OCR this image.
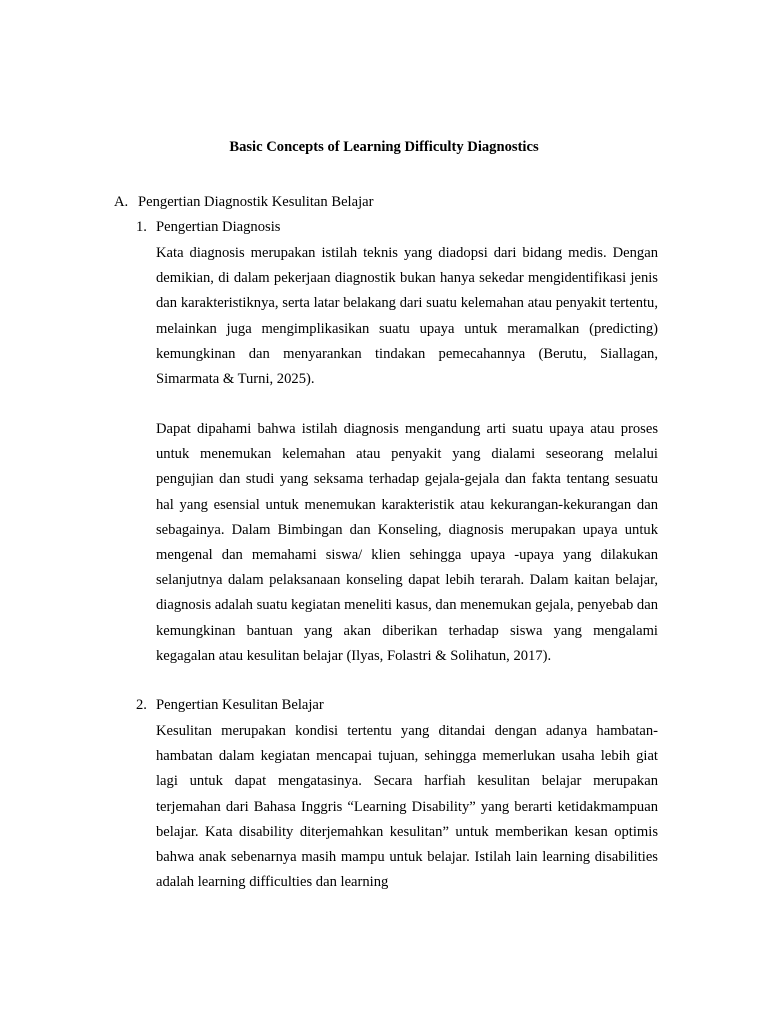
Basic Concepts of Learning Difficulty Diagnostics
A. Pengertian Diagnostik Kesulitan Belajar
1. Pengertian Diagnosis

Kata diagnosis merupakan istilah teknis yang diadopsi dari bidang medis. Dengan demikian, di dalam pekerjaan diagnostik bukan hanya sekedar mengidentifikasi jenis dan karakteristiknya, serta latar belakang dari suatu kelemahan atau penyakit tertentu, melainkan juga mengimplikasikan suatu upaya untuk meramalkan (predicting) kemungkinan dan menyarankan tindakan pemecahannya (Berutu, Siallagan, Simarmata & Turni, 2025).

Dapat dipahami bahwa istilah diagnosis mengandung arti suatu upaya atau proses untuk menemukan kelemahan atau penyakit yang dialami seseorang melalui pengujian dan studi yang seksama terhadap gejala-gejala dan fakta tentang sesuatu hal yang esensial untuk menemukan karakteristik atau kekurangan-kekurangan dan sebagainya. Dalam Bimbingan dan Konseling, diagnosis merupakan upaya untuk mengenal dan memahami siswa/ klien sehingga upaya -upaya yang dilakukan selanjutnya dalam pelaksanaan konseling dapat lebih terarah. Dalam kaitan belajar, diagnosis adalah suatu kegiatan meneliti kasus, dan menemukan gejala, penyebab dan kemungkinan bantuan yang akan diberikan terhadap siswa yang mengalami kegagalan atau kesulitan belajar (Ilyas, Folastri & Solihatun, 2017).

2. Pengertian Kesulitan Belajar

Kesulitan merupakan kondisi tertentu yang ditandai dengan adanya hambatan-hambatan dalam kegiatan mencapai tujuan, sehingga memerlukan usaha lebih giat lagi untuk dapat mengatasinya. Secara harfiah kesulitan belajar merupakan terjemahan dari Bahasa Inggris “Learning Disability” yang berarti ketidakmampuan belajar. Kata disability diterjemahkan kesulitan” untuk memberikan kesan optimis bahwa anak sebenarnya masih mampu untuk belajar. Istilah lain learning disabilities adalah learning difficulties dan learning
